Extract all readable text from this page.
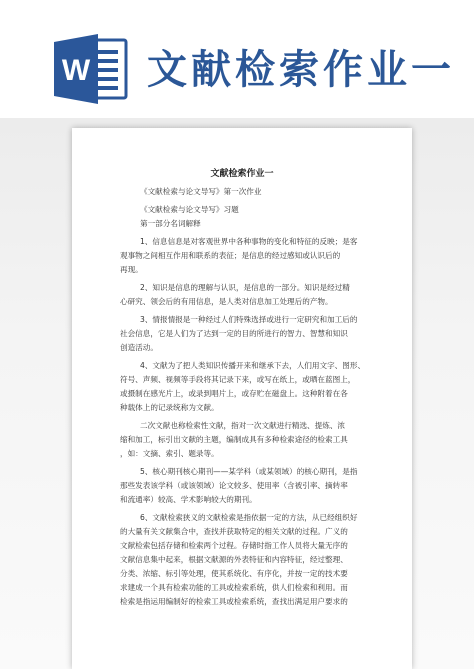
W 文献检索作业一
文献检索作业一
《文献检索与论文导写》第一次作业
《文献检索与论文导写》习题
第一部分名词解释
1、信息信息是对客观世界中各种事物的变化和特征的反映；是客
观事物之间相互作用和联系的表征；是信息的经过感知或认识后的
再现。
2、知识是信息的理解与认识，是信息的一部分。知识是经过精
心研究、领会后的有用信息，是人类对信息加工处理后的产物。
3、情报情报是一种经过人们特殊选择或进行一定研究和加工后的
社会信息，它是人们为了达到一定的目的所进行的智力、智慧和知识
创造活动。
4、文献为了把人类知识传播开来和继承下去，人们用文字、图形、
符号、声频、视频等手段将其记录下来，或写在纸上，或晒在蓝图上，
或摄制在感光片上，或录到唱片上，或存贮在磁盘上。这种附着在各
种载体上的记录统称为文献。
二次文献也称检索性文献，指对一次文献进行精选、提炼、浓
缩和加工，标引出文献的主题，编制成具有多种检索途径的检索工具
，如：文摘、索引、题录等。
5、核心期刊核心期刊——某学科（或某领域）的核心期刊，是指
那些发表该学科（或该领域）论文较多、使用率（含被引率、摘转率
和流通率）较高、学术影响较大的期刊。
6、文献检索狭义的文献检索是指依据一定的方法，从已经组织好
的大量有关文献集合中，查找并获取特定的相关文献的过程。广义的
文献检索包括存储和检索两个过程。存储时指工作人员将大量无序的
文献信息集中起来，根据文献源的外表特征和内容特征，经过整理、
分类、浓缩、标引等处理，使其系统化、有序化，并按一定的技术要
求建成一个具有检索功能的工具或检索系统，供人们检索和利用。而
检索是指运用编制好的检索工具或检索系统，查找出满足用户要求的
